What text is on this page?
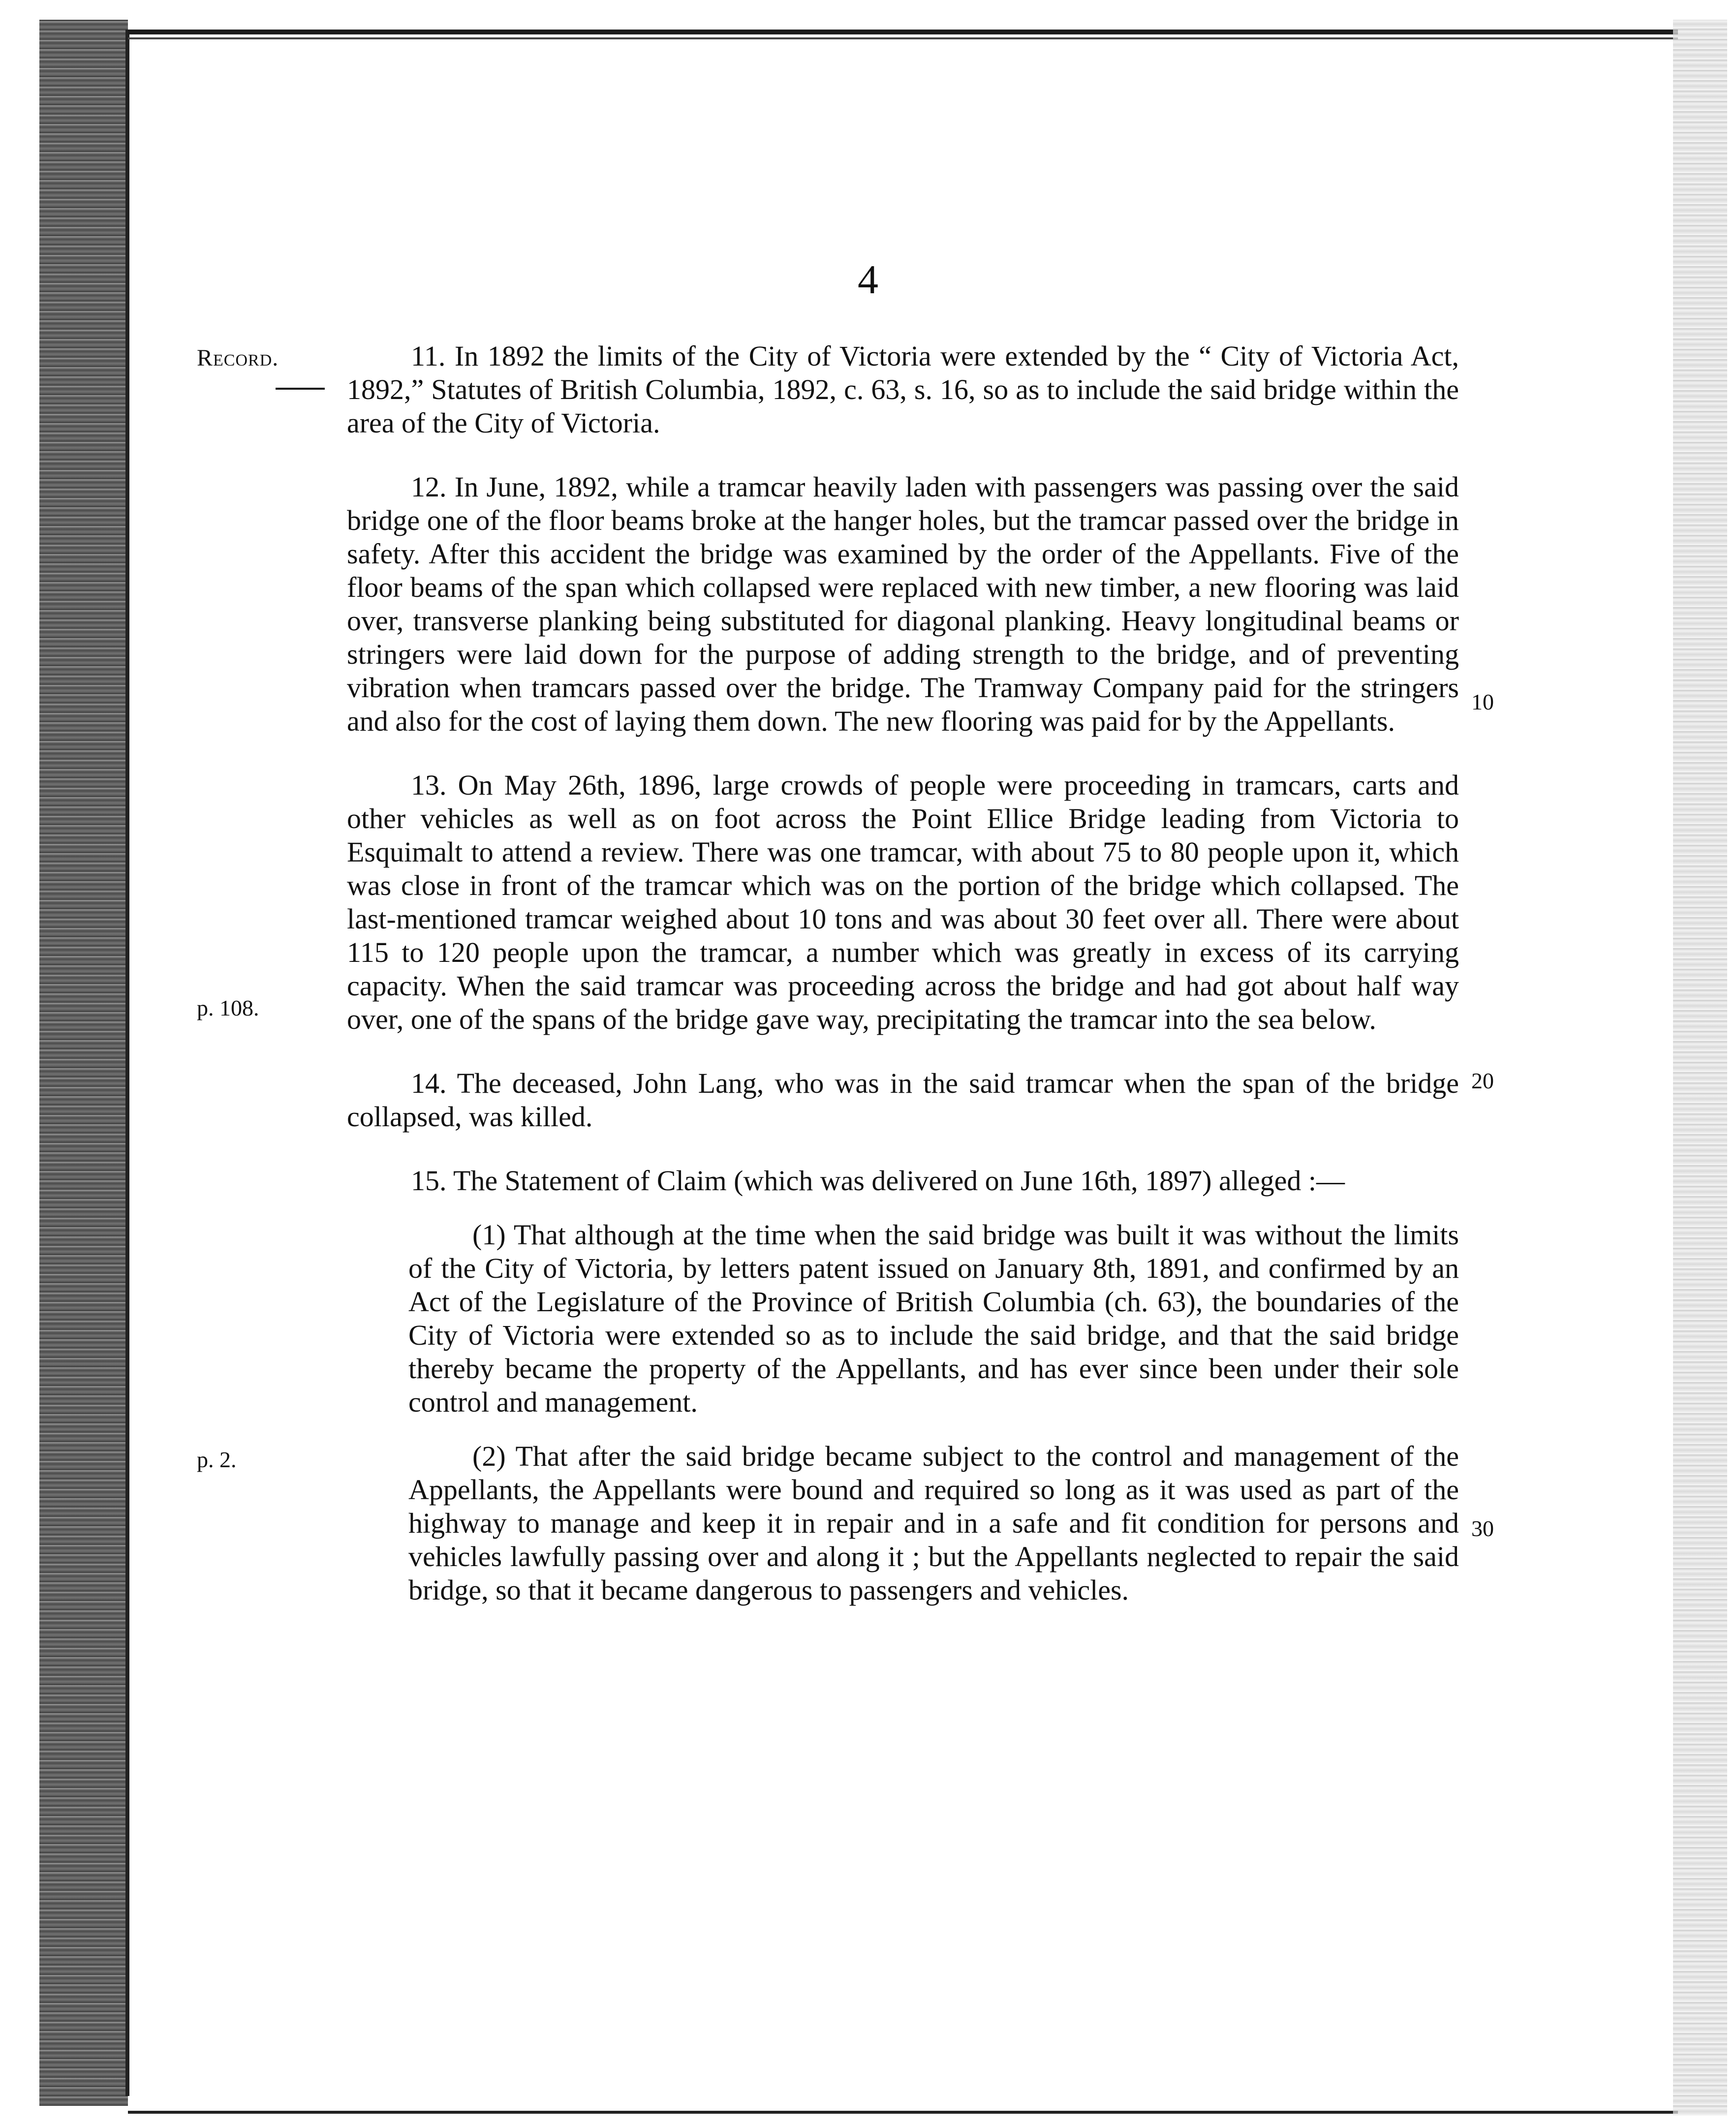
4
Record.
p. 108.
p. 2.
10
20
30

11. In 1892 the limits of the City of Victoria were extended by the “ City of Victoria Act, 1892,” Statutes of British Columbia, 1892, c. 63, s. 16, so as to include the said bridge within the area of the City of Victoria.

12. In June, 1892, while a tramcar heavily laden with passengers was passing over the said bridge one of the floor beams broke at the hanger holes, but the tramcar passed over the bridge in safety. After this accident the bridge was examined by the order of the Appellants. Five of the floor beams of the span which collapsed were replaced with new timber, a new flooring was laid over, transverse planking being substituted for diagonal planking. Heavy longitudinal beams or stringers were laid down for the purpose of adding strength to the bridge, and of preventing vibration when tramcars passed over the bridge. The Tramway Company paid for the stringers and also for the cost of laying them down. The new flooring was paid for by the Appellants.

13. On May 26th, 1896, large crowds of people were proceeding in tramcars, carts and other vehicles as well as on foot across the Point Ellice Bridge leading from Victoria to Esquimalt to attend a review. There was one tramcar, with about 75 to 80 people upon it, which was close in front of the tramcar which was on the portion of the bridge which collapsed. The last-mentioned tramcar weighed about 10 tons and was about 30 feet over all. There were about 115 to 120 people upon the tramcar, a number which was greatly in excess of its carrying capacity. When the said tramcar was proceeding across the bridge and had got about half way over, one of the spans of the bridge gave way, precipitating the tramcar into the sea below.

14. The deceased, John Lang, who was in the said tramcar when the span of the bridge collapsed, was killed.

15. The Statement of Claim (which was delivered on June 16th, 1897) alleged :—

(1) That although at the time when the said bridge was built it was without the limits of the City of Victoria, by letters patent issued on January 8th, 1891, and confirmed by an Act of the Legislature of the Province of British Columbia (ch. 63), the boundaries of the City of Victoria were extended so as to include the said bridge, and that the said bridge thereby became the property of the Appellants, and has ever since been under their sole control and management.

(2) That after the said bridge became subject to the control and management of the Appellants, the Appellants were bound and required so long as it was used as part of the highway to manage and keep it in repair and in a safe and fit condition for persons and vehicles lawfully passing over and along it ; but the Appellants neglected to repair the said bridge, so that it became dangerous to passengers and vehicles.
